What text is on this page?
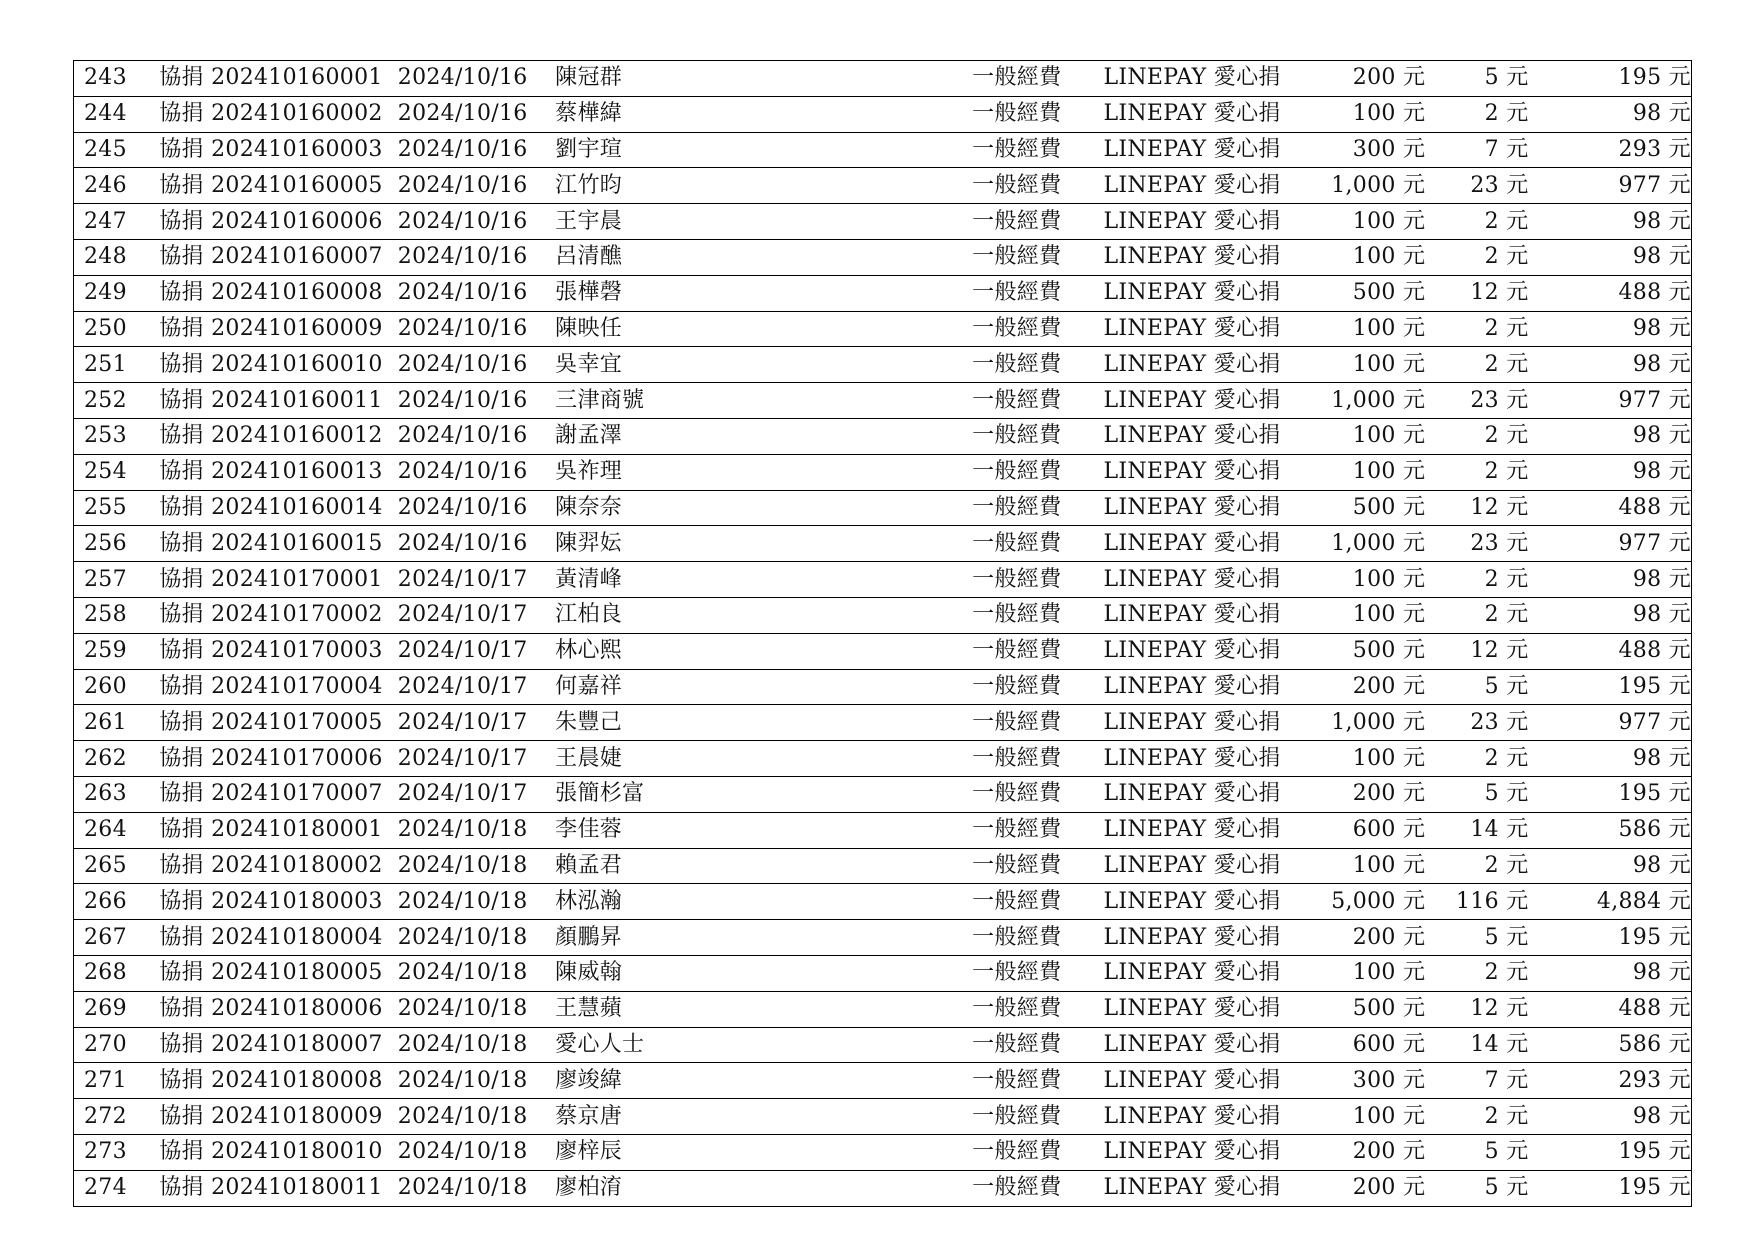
243	協捐 202410160001	2024/10/16	陳冠群	一般經費	LINEPAY 愛心捐	200 元	5 元	195 元
244	協捐 202410160002	2024/10/16	蔡樺緯	一般經費	LINEPAY 愛心捐	100 元	2 元	98 元
245	協捐 202410160003	2024/10/16	劉宇瑄	一般經費	LINEPAY 愛心捐	300 元	7 元	293 元
246	協捐 202410160005	2024/10/16	江竹昀	一般經費	LINEPAY 愛心捐	1,000 元	23 元	977 元
247	協捐 202410160006	2024/10/16	王宇晨	一般經費	LINEPAY 愛心捐	100 元	2 元	98 元
248	協捐 202410160007	2024/10/16	呂清醮	一般經費	LINEPAY 愛心捐	100 元	2 元	98 元
249	協捐 202410160008	2024/10/16	張樺磬	一般經費	LINEPAY 愛心捐	500 元	12 元	488 元
250	協捐 202410160009	2024/10/16	陳映任	一般經費	LINEPAY 愛心捐	100 元	2 元	98 元
251	協捐 202410160010	2024/10/16	吳幸宜	一般經費	LINEPAY 愛心捐	100 元	2 元	98 元
252	協捐 202410160011	2024/10/16	三津商號	一般經費	LINEPAY 愛心捐	1,000 元	23 元	977 元
253	協捐 202410160012	2024/10/16	謝孟澤	一般經費	LINEPAY 愛心捐	100 元	2 元	98 元
254	協捐 202410160013	2024/10/16	吳祚理	一般經費	LINEPAY 愛心捐	100 元	2 元	98 元
255	協捐 202410160014	2024/10/16	陳奈奈	一般經費	LINEPAY 愛心捐	500 元	12 元	488 元
256	協捐 202410160015	2024/10/16	陳羿妘	一般經費	LINEPAY 愛心捐	1,000 元	23 元	977 元
257	協捐 202410170001	2024/10/17	黃清峰	一般經費	LINEPAY 愛心捐	100 元	2 元	98 元
258	協捐 202410170002	2024/10/17	江柏良	一般經費	LINEPAY 愛心捐	100 元	2 元	98 元
259	協捐 202410170003	2024/10/17	林心熙	一般經費	LINEPAY 愛心捐	500 元	12 元	488 元
260	協捐 202410170004	2024/10/17	何嘉祥	一般經費	LINEPAY 愛心捐	200 元	5 元	195 元
261	協捐 202410170005	2024/10/17	朱豐己	一般經費	LINEPAY 愛心捐	1,000 元	23 元	977 元
262	協捐 202410170006	2024/10/17	王晨婕	一般經費	LINEPAY 愛心捐	100 元	2 元	98 元
263	協捐 202410170007	2024/10/17	張簡杉富	一般經費	LINEPAY 愛心捐	200 元	5 元	195 元
264	協捐 202410180001	2024/10/18	李佳蓉	一般經費	LINEPAY 愛心捐	600 元	14 元	586 元
265	協捐 202410180002	2024/10/18	賴孟君	一般經費	LINEPAY 愛心捐	100 元	2 元	98 元
266	協捐 202410180003	2024/10/18	林泓瀚	一般經費	LINEPAY 愛心捐	5,000 元	116 元	4,884 元
267	協捐 202410180004	2024/10/18	顏鵬昇	一般經費	LINEPAY 愛心捐	200 元	5 元	195 元
268	協捐 202410180005	2024/10/18	陳威翰	一般經費	LINEPAY 愛心捐	100 元	2 元	98 元
269	協捐 202410180006	2024/10/18	王慧蘋	一般經費	LINEPAY 愛心捐	500 元	12 元	488 元
270	協捐 202410180007	2024/10/18	愛心人士	一般經費	LINEPAY 愛心捐	600 元	14 元	586 元
271	協捐 202410180008	2024/10/18	廖竣緯	一般經費	LINEPAY 愛心捐	300 元	7 元	293 元
272	協捐 202410180009	2024/10/18	蔡京唐	一般經費	LINEPAY 愛心捐	100 元	2 元	98 元
273	協捐 202410180010	2024/10/18	廖梓辰	一般經費	LINEPAY 愛心捐	200 元	5 元	195 元
274	協捐 202410180011	2024/10/18	廖柏淯	一般經費	LINEPAY 愛心捐	200 元	5 元	195 元
